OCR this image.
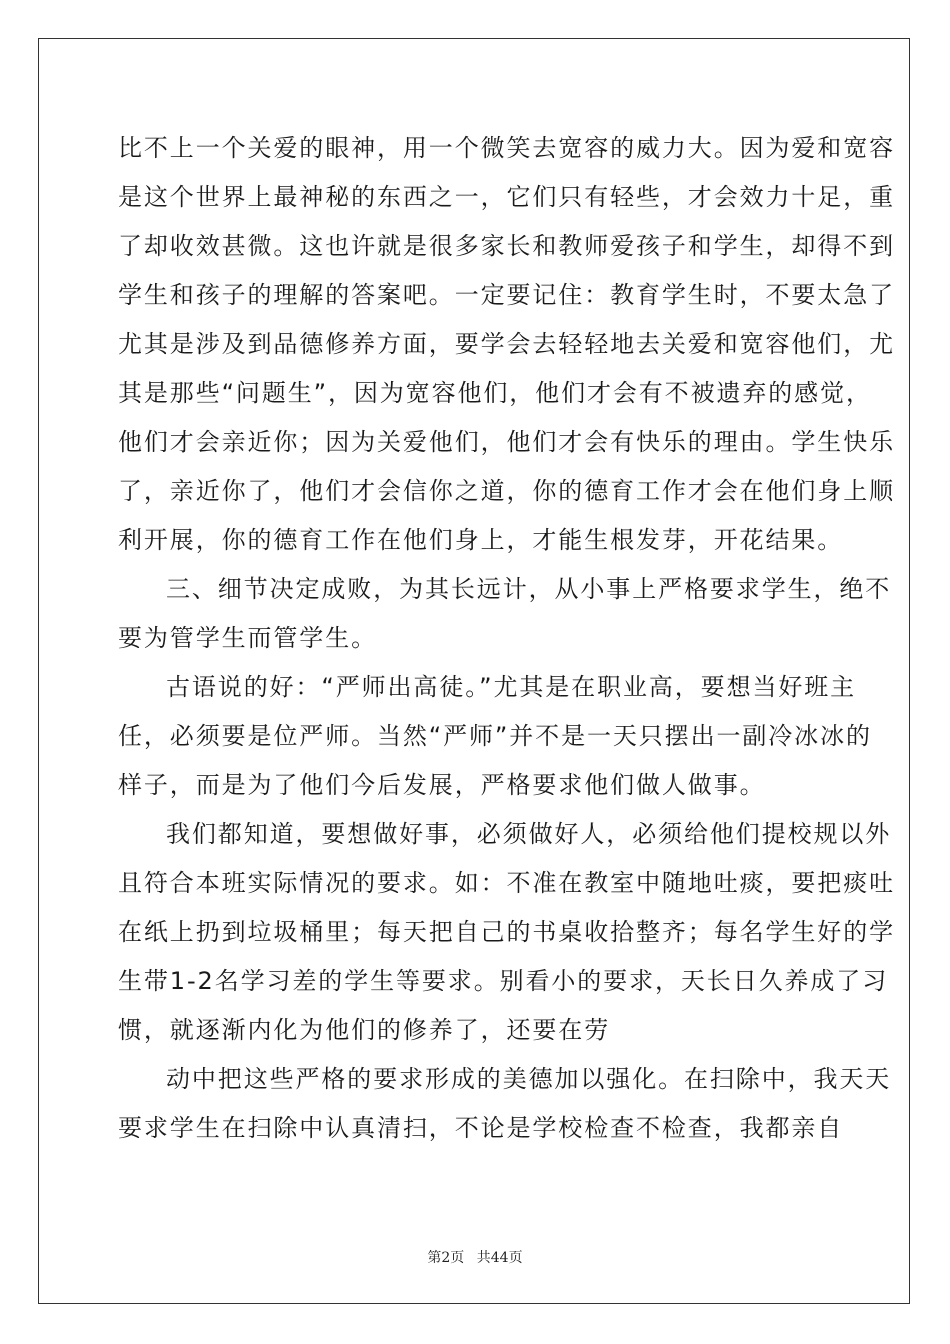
比不上一个关爱的眼神，用一个微笑去宽容的威力大。因为爱和宽容
是这个世界上最神秘的东西之一，它们只有轻些，才会效力十足，重
了却收效甚微。这也许就是很多家长和教师爱孩子和学生，却得不到
学生和孩子的理解的答案吧。一定要记住：教育学生时，不要太急了
尤其是涉及到品德修养方面，要学会去轻轻地去关爱和宽容他们，尤
其是那些“问题生”，因为宽容他们，他们才会有不被遗弃的感觉，
他们才会亲近你；因为关爱他们，他们才会有快乐的理由。学生快乐
了，亲近你了，他们才会信你之道，你的德育工作才会在他们身上顺
利开展，你的德育工作在他们身上，才能生根发芽，开花结果。
三、细节决定成败，为其长远计，从小事上严格要求学生，绝不
要为管学生而管学生。
古语说的好：“严师出高徒。”尤其是在职业高，要想当好班主
任，必须要是位严师。当然“严师”并不是一天只摆出一副冷冰冰的
样子，而是为了他们今后发展，严格要求他们做人做事。
我们都知道，要想做好事，必须做好人，必须给他们提校规以外
且符合本班实际情况的要求。如：不准在教室中随地吐痰，要把痰吐
在纸上扔到垃圾桶里；每天把自己的书桌收拾整齐；每名学生好的学
生带1-2名学习差的学生等要求。别看小的要求，天长日久养成了习
惯，就逐渐内化为他们的修养了，还要在劳
动中把这些严格的要求形成的美德加以强化。在扫除中，我天天
要求学生在扫除中认真清扫，不论是学校检查不检查，我都亲自
第2页 共44页
